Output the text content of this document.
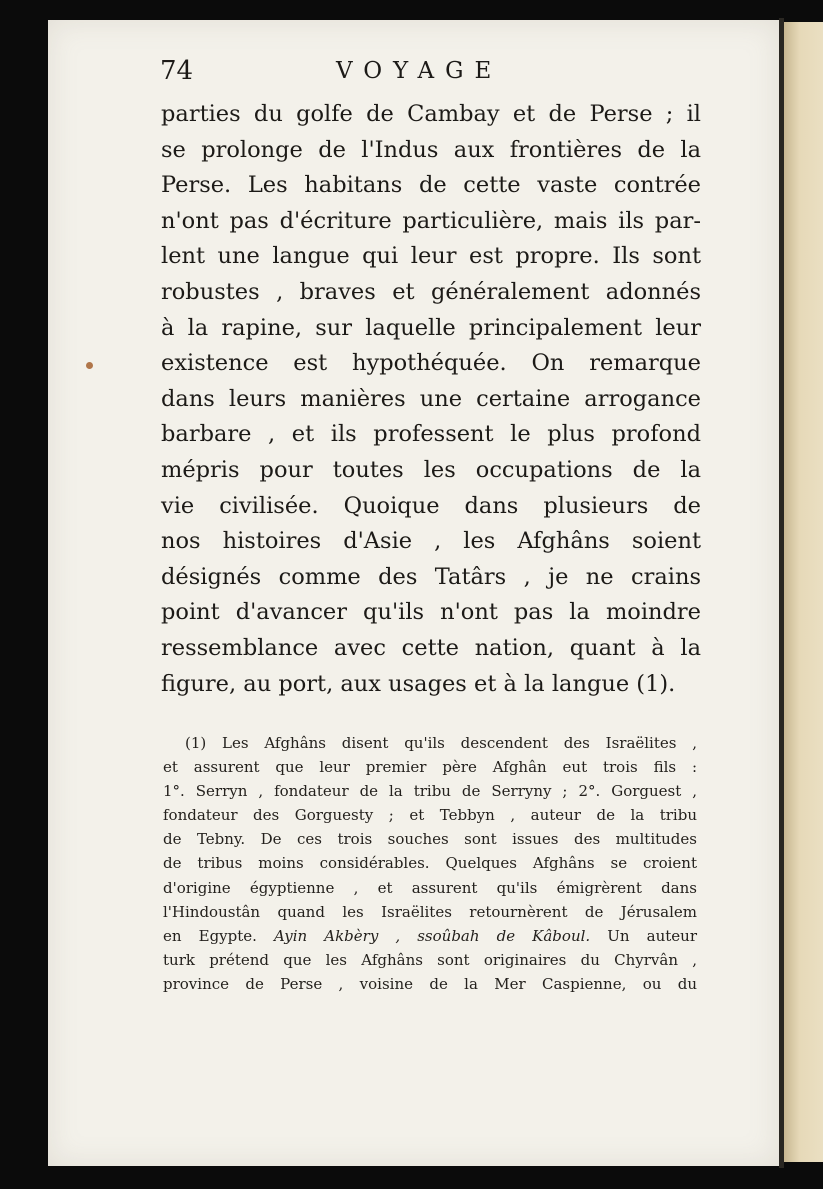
74	VOYAGE
parties du golfe de Cambay et de Perse ; il
se prolonge de l'Indus aux frontières de la
Perse. Les habitans de cette vaste contrée
n'ont pas d'écriture particulière, mais ils par-
lent une langue qui leur est propre. Ils sont
robustes , braves et généralement adonnés
à la rapine, sur laquelle principalement leur
existence est hypothéquée. On remarque
dans leurs manières une certaine arrogance
barbare , et ils professent le plus profond
mépris pour toutes les occupations de la
vie civilisée. Quoique dans plusieurs de
nos histoires d'Asie , les Afghâns soient
désignés comme des Tatârs , je ne crains
point d'avancer qu'ils n'ont pas la moindre
ressemblance avec cette nation, quant à la
figure, au port, aux usages et à la langue (1).
(1) Les Afghâns disent qu'ils descendent des Israëlites ,
et assurent que leur premier père Afghân eut trois fils :
1°. Serryn , fondateur de la tribu de Serryny ; 2°. Gorguest ,
fondateur des Gorguesty ; et Tebbyn , auteur de la tribu
de Tebny. De ces trois souches sont issues des multitudes
de tribus moins considérables. Quelques Afghâns se croient
d'origine égyptienne , et assurent qu'ils émigrèrent dans
l'Hindoustân quand les Israëlites retournèrent de Jérusalem
en Egypte. Ayin Akbèry , ssoûbah de Kâboul. Un auteur
turk prétend que les Afghâns sont originaires du Chyrvân ,
province de Perse , voisine de la Mer Caspienne, ou du
